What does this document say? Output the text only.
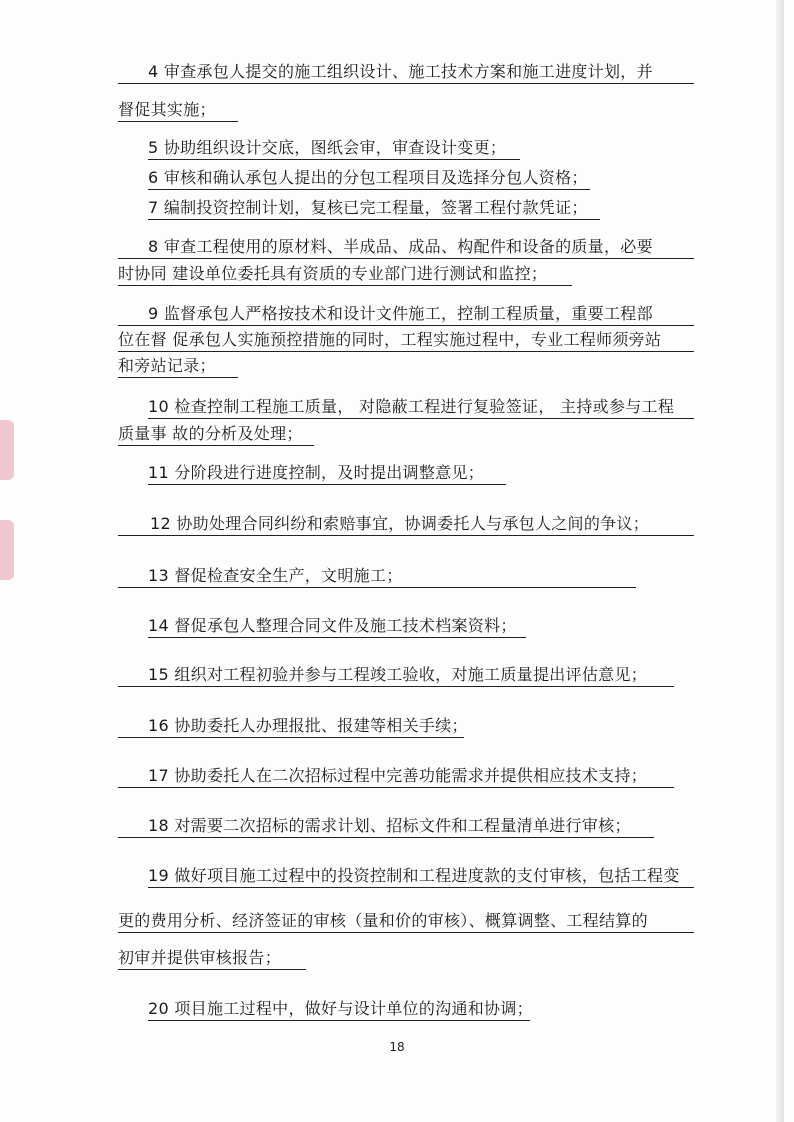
4 审查承包人提交的施工组织设计、施工技术方案和施工进度计划，并
督促其实施；
5 协助组织设计交底，图纸会审，审查设计变更；
6 审核和确认承包人提出的分包工程项目及选择分包人资格；
7 编制投资控制计划，复核已完工程量，签署工程付款凭证；
8 审查工程使用的原材料、半成品、成品、构配件和设备的质量，必要
时协同 建设单位委托具有资质的专业部门进行测试和监控；
9 监督承包人严格按技术和设计文件施工，控制工程质量，重要工程部
位在督 促承包人实施预控措施的同时，工程实施过程中，专业工程师须旁站
和旁站记录；
10 检查控制工程施工质量， 对隐蔽工程进行复验签证， 主持或参与工程
质量事 故的分析及处理；
11 分阶段进行进度控制，及时提出调整意见；
12 协助处理合同纠纷和索赔事宜，协调委托人与承包人之间的争议；
13 督促检查安全生产，文明施工；
14 督促承包人整理合同文件及施工技术档案资料；
15 组织对工程初验并参与工程竣工验收，对施工质量提出评估意见；
16 协助委托人办理报批、报建等相关手续；
17 协助委托人在二次招标过程中完善功能需求并提供相应技术支持；
18 对需要二次招标的需求计划、招标文件和工程量清单进行审核；
19 做好项目施工过程中的投资控制和工程进度款的支付审核，包括工程变
更的费用分析、经济签证的审核（量和价的审核）、概算调整、工程结算的
初审并提供审核报告；
20 项目施工过程中，做好与设计单位的沟通和协调；
18
